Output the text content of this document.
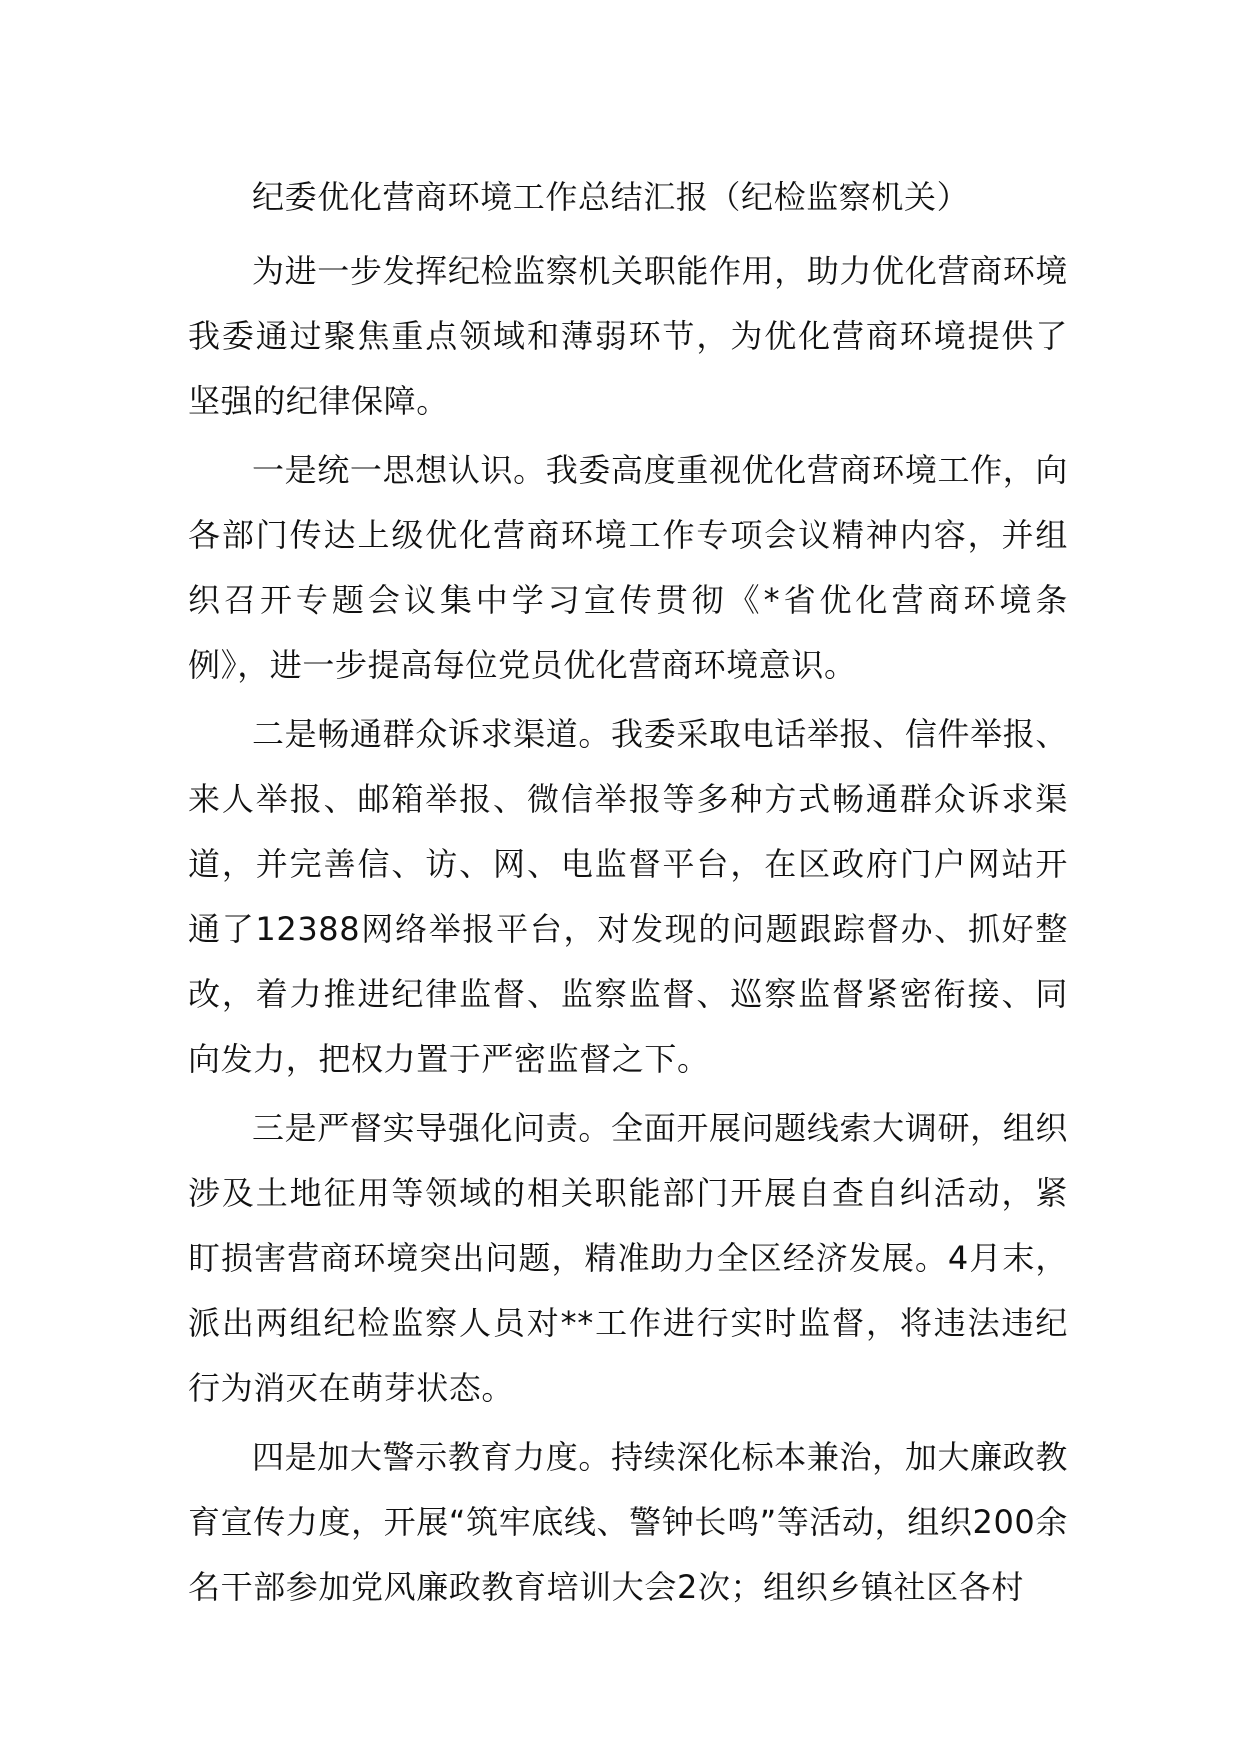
纪委优化营商环境工作总结汇报（纪检监察机关）

为进一步发挥纪检监察机关职能作用，助力优化营商环境我委通过聚焦重点领域和薄弱环节，为优化营商环境提供了坚强的纪律保障。

一是统一思想认识。我委高度重视优化营商环境工作，向各部门传达上级优化营商环境工作专项会议精神内容，并组织召开专题会议集中学习宣传贯彻《*省优化营商环境条例》，进一步提高每位党员优化营商环境意识。

二是畅通群众诉求渠道。我委采取电话举报、信件举报、来人举报、邮箱举报、微信举报等多种方式畅通群众诉求渠道，并完善信、访、网、电监督平台，在区政府门户网站开通了12388网络举报平台，对发现的问题跟踪督办、抓好整改，着力推进纪律监督、监察监督、巡察监督紧密衔接、同向发力，把权力置于严密监督之下。

三是严督实导强化问责。全面开展问题线索大调研，组织涉及土地征用等领域的相关职能部门开展自查自纠活动，紧盯损害营商环境突出问题，精准助力全区经济发展。4月末，派出两组纪检监察人员对**工作进行实时监督，将违法违纪行为消灭在萌芽状态。

四是加大警示教育力度。持续深化标本兼治，加大廉政教育宣传力度，开展“筑牢底线、警钟长鸣”等活动，组织200余名干部参加党风廉政教育培训大会2次；组织乡镇社区各村
